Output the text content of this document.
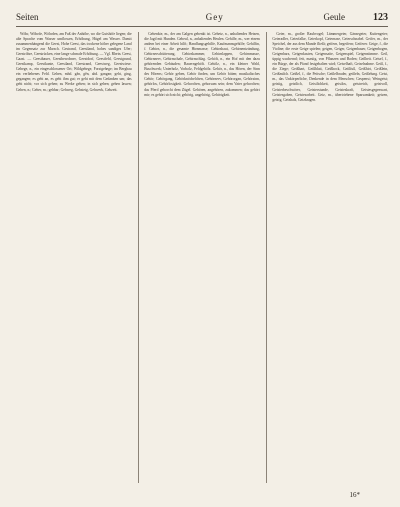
Seiten	Gey	Geule	123

Wöhr, Wöhrde, Wöhrden, am Fuß der Anhöhe, wo die Gutshöfe liegen; die alte Sprache vom Wasser umflossen, Erhöhung, Hügel am Wasser. Damit zusammenhängend die Geest, Hohe Geest, das trockene höher gelegene Land im Gegensatz zur Marsch. Gestrand, Geestland, hohes sandiges Ufer; Geeströhre, Geestrücken, eine lange schmale Erhöhung. — Vgl. Rhein. Geest, Gaast. — Geestbauer, Geestbewohner, Geestdorf, Geestfeld, Geestgrund, Geestkamp, Geestkante, Geestland, Geestrand, Geestweg, Geestwiese. Gehege, n., ein eingeschlossener Ort; Wildgehege, Forstgehege; im Bergbau ein verliehenes Feld. Gehen, mhd. gân, gên, ahd. gangan; geht, ging, gegangen; es geht an, es geht ihm gut; er geht mit dem Gedanken um; das geht nicht; vor sich gehen; zu Werke gehen; in sich gehen; gehen lassen; Gehen, n.; Geher, m.; gehbar; Gehweg, Gehsteig, Gehwerk, Gehzeit.

Gehenkte, m., der am Galgen gehenkt ist. Gehetz, n., anhaltendes Hetzen, die Jagd mit Hunden. Geheul, n., anhaltendes Heulen. Gehilfe, m., wer einem andern bei einer Arbeit hilft; Handlungsgehilfe, Kaufmannsgehilfe; Gehilfin, f. Gehirn, n., die gesamte Hirnmasse; Gehirnhaut, Gehirnentzündung, Gehirnerschütterung, Gehirnkammer, Gehirnlappen, Gehirnmasse, Gehirnnerv, Gehirnschale, Gehirnschlag. Gehöft, n., ein Hof mit den dazu gehörenden Gebäuden; Bauerngehöft. Gehölz, n., ein kleiner Wald, Buschwerk; Unterholz, Vorholz, Feldgehölz. Gehör, n., das Hören, der Sinn des Hörens; Gehör geben, Gehör finden, um Gehör bitten; musikalisches Gehör; Gehörgang, Gehörknöchelchen, Gehörnerv, Gehörorgan, Gehörsinn, gehörlos, Gehörlosigkeit. Gehorchen, gehorsam sein; dem Vater gehorchen; das Pferd gehorcht dem Zügel. Gehören, angehören, zukommen; das gehört mir; es gehört sich nicht; gehörig, ungehörig, Gehörigkeit.

Geier, m., großer Raubvogel; Lämmergeier, Gänsegeier, Kuttengeier; Geieradler, Geierfalke, Geierkopf, Geiernase, Geierschnabel. Geifer, m., der Speichel, der aus dem Munde fließt; geifern, begeifern; Geiferer. Geige, f., die Violine; die erste Geige spielen; geigen, Geiger, Geigenbauer, Geigenbogen, Geigenharz, Geigenkasten, Geigensaite, Geigenspiel, Geigenstimme. Geil, üppig wuchernd; fett, mastig, von Pflanzen und Boden; Geilheit. Geisel, f., ein Bürge, der als Pfand festgehalten wird; Geiselhaft, Geiselnahme. Geiß, f., die Ziege; Geißbart, Geißblatt, Geißbock, Geißfuß, Geißhirt, Geißlein, Geißmilch. Geißel, f., die Peitsche; Geißelbruder, geißeln, Geißelung. Geist, m., das Unkörperliche, Denkende in dem Menschen; Gespenst; Weingeist; geistig, geistlich, Geistlichkeit, geistlos, geistreich, geistvoll, Geisterbeschwörer, Geisterstunde, Geisteskraft, Geistesgegenwart, Geistesgaben, Geistesarbeit. Geiz, m., übertriebene Sparsamkeit; geizen, geizig, Geizhals, Geizkragen.

16*
